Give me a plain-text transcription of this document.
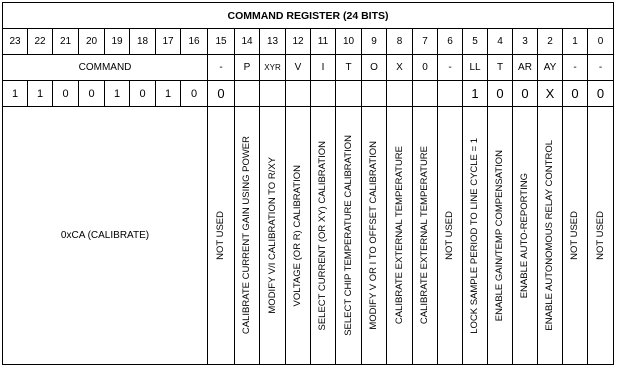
COMMAND REGISTER (24 BITS)																							
23	22	21	20	19	18	17	16	15	14	13	12	11	10	9	8	7	6	5	4	3	2	1	0
COMMAND								-	P	XYR	V	I	T	O	X	0	-	LL	T	AR	AY	-	-
1	1	0	0	1	0	1	0	0										1	0	0	X	0	0
0xCA (CALIBRATE)								NOT USED	CALIBRATE CURRENT GAIN USING POWER	MODIFY V/I CALIBRATION TO R/XY	VOLTAGE (OR R) CALIBRATION	SELECT CURRENT (OR XY) CALIBRATION	SELECT CHIP TEMPERATURE CALIBRATION	MODIFY V OR I TO OFFSET CALIBRATION	CALIBRATE EXTERNAL TEMPERATURE	CALIBRATE EXTERNAL TEMPERATURE	NOT USED	LOCK SAMPLE PERIOD TO LINE CYCLE = 1	ENABLE GAIN/TEMP COMPENSATION	ENABLE AUTO-REPORTING	ENABLE AUTONOMOUS RELAY CONTROL	NOT USED	NOT USED
